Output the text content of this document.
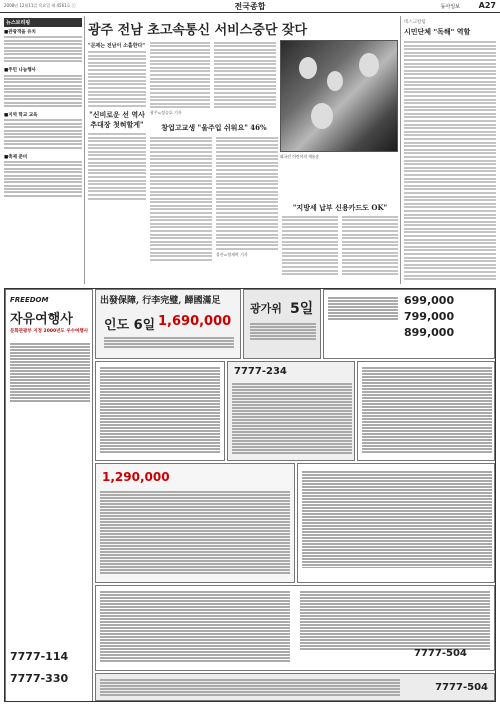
2008년 12월11일 목요일 제 4561호 ⓒ	전국종합	동아일보 A27
뉴스브리핑
■관광객을 유치
■주민 나눔행사
■지역 학교 교육
■축제 준비
광주 전남 초고속통신 서비스중단 잦다
"문제는 전남이 소홀한다"
"신비로운 선 역사 추대장 첫혀할게"
광주=정승호 기자
창업고교생 "울주입 쉬워요" 46%
울산=정재락 기자
외국인 어린이의 캐롤송
"지방세 납부 신용카드도 OK"
데스크칼럼
시민단체 "독해" 역할
FREEDOM
자유여행사
문화관광부 지정 2000년도 우수여행사
7777-114
7777-330
出發保障, 行李完璧, 歸國滿足
인도 6일 1,690,000
광가위 5일
699,000
799,000
899,000
7777-234
1,290,000
7777-504
7777-504
